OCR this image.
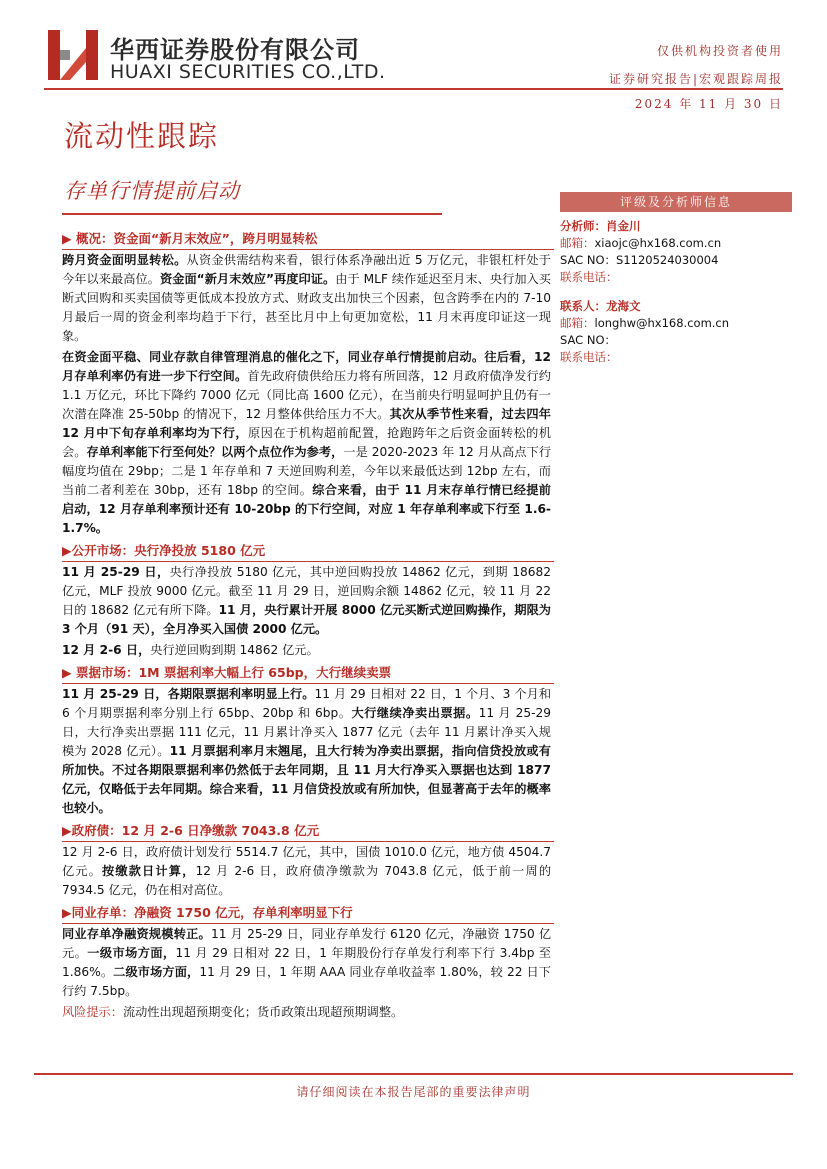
华西证券股份有限公司
HUAXI SECURITIES CO.,LTD.
仅供机构投资者使用
证券研究报告|宏观跟踪周报
2024 年 11 月 30 日
流动性跟踪
存单行情提前启动
▶ 概况：资金面“新月末效应”，跨月明显转松

跨月资金面明显转松。从资金供需结构来看，银行体系净融出近 5 万亿元，非银杠杆处于今年以来最高位。资金面“新月末效应”再度印证。由于 MLF 续作延迟至月末、央行加入买断式回购和买卖国债等更低成本投放方式、财政支出加快三个因素，包含跨季在内的 7-10 月最后一周的资金利率均趋于下行，甚至比月中上旬更加宽松，11 月末再度印证这一现象。

在资金面平稳、同业存款自律管理消息的催化之下，同业存单行情提前启动。往后看，12 月存单利率仍有进一步下行空间。首先政府债供给压力将有所回落，12 月政府债净发行约 1.1 万亿元，环比下降约 7000 亿元（同比高 1600 亿元），在当前央行明显呵护且仍有一次潜在降准 25-50bp 的情况下，12 月整体供给压力不大。其次从季节性来看，过去四年 12 月中下旬存单利率均为下行，原因在于机构超前配置，抢跑跨年之后资金面转松的机会。存单利率能下行至何处？以两个点位作为参考，一是 2020-2023 年 12 月从高点下行幅度均值在 29bp；二是 1 年存单和 7 天逆回购利差，今年以来最低达到 12bp 左右，而当前二者利差在 30bp，还有 18bp 的空间。综合来看，由于 11 月末存单行情已经提前启动，12 月存单利率预计还有 10-20bp 的下行空间，对应 1 年存单利率或下行至 1.6-1.7%。

▶公开市场：央行净投放 5180 亿元

11 月 25-29 日，央行净投放 5180 亿元，其中逆回购投放 14862 亿元，到期 18682 亿元，MLF 投放 9000 亿元。截至 11 月 29 日，逆回购余额 14862 亿元，较 11 月 22 日的 18682 亿元有所下降。11 月，央行累计开展 8000 亿元买断式逆回购操作，期限为 3 个月（91 天），全月净买入国债 2000 亿元。

12 月 2-6 日，央行逆回购到期 14862 亿元。

▶ 票据市场：1M 票据利率大幅上行 65bp，大行继续卖票

11 月 25-29 日，各期限票据利率明显上行。11 月 29 日相对 22 日，1 个月、3 个月和 6 个月期票据利率分别上行 65bp、20bp 和 6bp。大行继续净卖出票据。11 月 25-29 日，大行净卖出票据 111 亿元，11 月累计净买入 1877 亿元（去年 11 月累计净买入规模为 2028 亿元）。11 月票据利率月末翘尾，且大行转为净卖出票据，指向信贷投放或有所加快。不过各期限票据利率仍然低于去年同期，且 11 月大行净买入票据也达到 1877 亿元，仅略低于去年同期。综合来看，11 月信贷投放或有所加快，但显著高于去年的概率也较小。

▶政府债：12 月 2-6 日净缴款 7043.8 亿元

12 月 2-6 日，政府债计划发行 5514.7 亿元，其中，国债 1010.0 亿元，地方债 4504.7 亿元。按缴款日计算，12 月 2-6 日，政府债净缴款为 7043.8 亿元，低于前一周的 7934.5 亿元，仍在相对高位。

▶同业存单：净融资 1750 亿元，存单利率明显下行

同业存单净融资规模转正。11 月 25-29 日，同业存单发行 6120 亿元，净融资 1750 亿元。一级市场方面，11 月 29 日相对 22 日，1 年期股份行存单发行利率下行 3.4bp 至 1.86%。二级市场方面，11 月 29 日，1 年期 AAA 同业存单收益率 1.80%，较 22 日下行约 7.5bp。

风险提示：流动性出现超预期变化；货币政策出现超预期调整。

评级及分析师信息
分析师：肖金川
邮箱：xiaojc@hx168.com.cn
SAC NO：S1120524030004
联系电话：
联系人：龙海文
邮箱：longhw@hx168.com.cn
SAC NO：
联系电话：
请仔细阅读在本报告尾部的重要法律声明
